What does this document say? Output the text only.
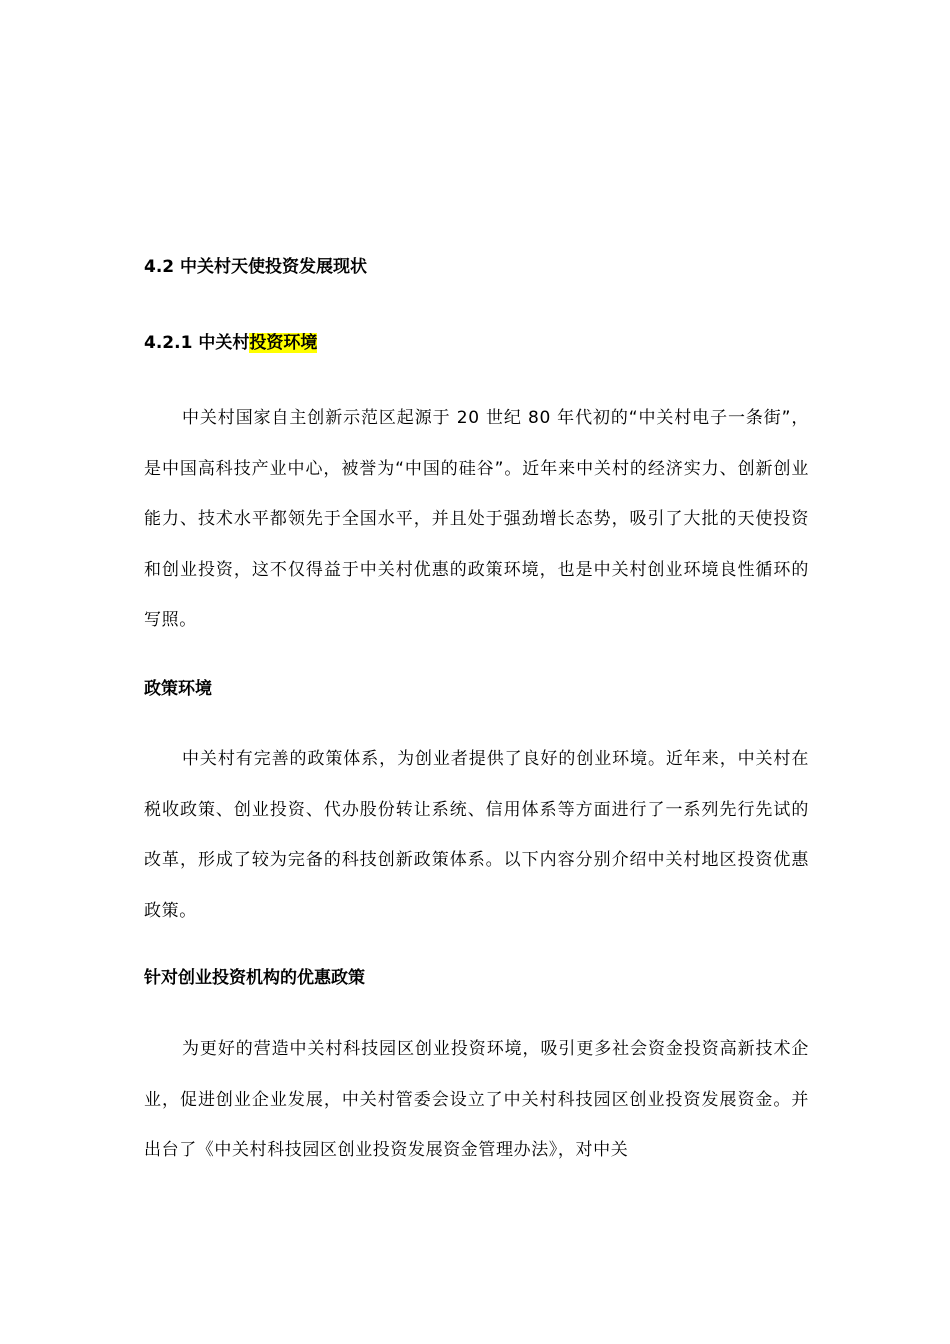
4.2 中关村天使投资发展现状
4.2.1 中关村投资环境

中关村国家自主创新示范区起源于 20 世纪 80 年代初的“中关村电子一条街”，是中国高科技产业中心，被誉为“中国的硅谷”。近年来中关村的经济实力、创新创业能力、技术水平都领先于全国水平，并且处于强劲增长态势，吸引了大批的天使投资和创业投资，这不仅得益于中关村优惠的政策环境，也是中关村创业环境良性循环的写照。

政策环境

中关村有完善的政策体系，为创业者提供了良好的创业环境。近年来，中关村在税收政策、创业投资、代办股份转让系统、信用体系等方面进行了一系列先行先试的改革，形成了较为完备的科技创新政策体系。以下内容分别介绍中关村地区投资优惠政策。

针对创业投资机构的优惠政策

为更好的营造中关村科技园区创业投资环境，吸引更多社会资金投资高新技术企业，促进创业企业发展，中关村管委会设立了中关村科技园区创业投资发展资金。并出台了《中关村科技园区创业投资发展资金管理办法》，对中关
